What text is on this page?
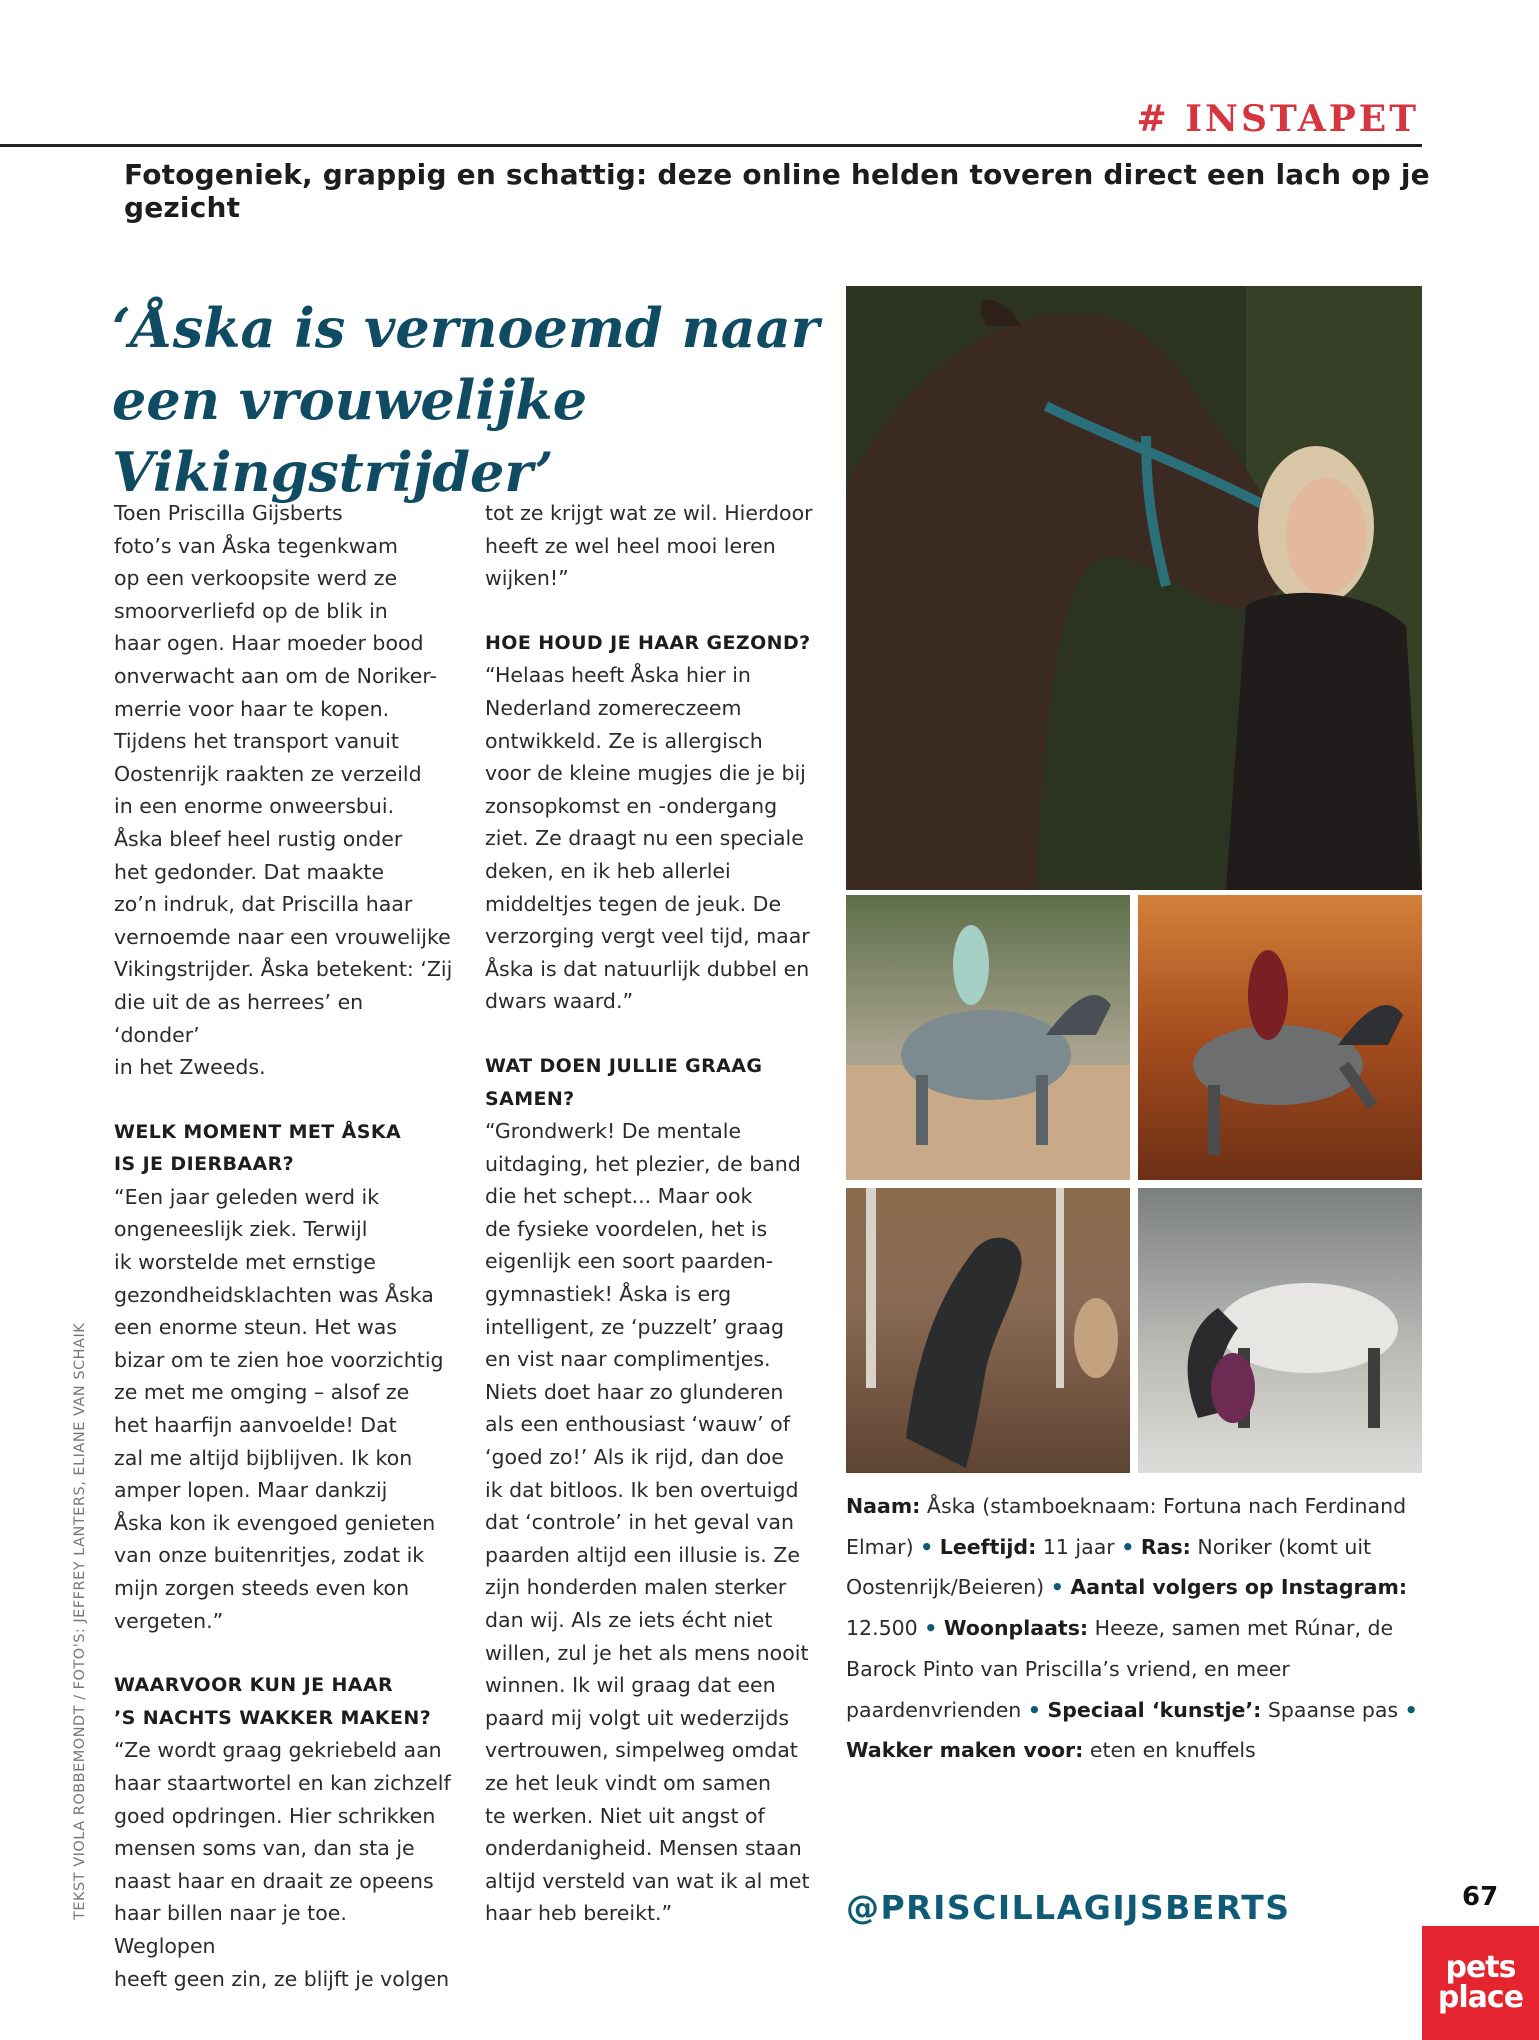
# INSTAPET
Fotogeniek, grappig en schattig: deze online helden toveren direct een lach op je gezicht
‘Åska is vernoemd naar een vrouwelijke Vikingstrijder’
TEKST VIOLA ROBBEMONDT / FOTO'S: JEFFREY LANTERS, ELIANE VAN SCHAIK

Toen Priscilla Gijsberts
foto’s van Åska tegenkwam
op een verkoopsite werd ze
smoorverliefd op de blik in
haar ogen. Haar moeder bood
onverwacht aan om de Noriker-
merrie voor haar te kopen.
Tijdens het transport vanuit
Oostenrijk raakten ze verzeild
in een enorme onweersbui.
Åska bleef heel rustig onder
het gedonder. Dat maakte
zo’n indruk, dat Priscilla haar
vernoemde naar een vrouwelijke
Vikingstrijder. Åska betekent: ‘Zij
die uit de as herrees’ en ‘donder’
in het Zweeds.

WELK MOMENT MET ÅSKA
IS JE DIERBAAR?

“Een jaar geleden werd ik
ongeneeslijk ziek. Terwijl
ik worstelde met ernstige
gezondheidsklachten was Åska
een enorme steun. Het was
bizar om te zien hoe voorzichtig
ze met me omging – alsof ze
het haarfijn aanvoelde! Dat
zal me altijd bijblijven. Ik kon
amper lopen. Maar dankzij
Åska kon ik evengoed genieten
van onze buitenritjes, zodat ik
mijn zorgen steeds even kon
vergeten.”

WAARVOOR KUN JE HAAR
’S NACHTS WAKKER MAKEN?

“Ze wordt graag gekriebeld aan
haar staartwortel en kan zichzelf
goed opdringen. Hier schrikken
mensen soms van, dan sta je
naast haar en draait ze opeens
haar billen naar je toe. Weglopen
heeft geen zin, ze blijft je volgen

tot ze krijgt wat ze wil. Hierdoor
heeft ze wel heel mooi leren
wijken!”

HOE HOUD JE HAAR GEZOND?

“Helaas heeft Åska hier in
Nederland zomereczeem
ontwikkeld. Ze is allergisch
voor de kleine mugjes die je bij
zonsopkomst en -ondergang
ziet. Ze draagt nu een speciale
deken, en ik heb allerlei
middeltjes tegen de jeuk. De
verzorging vergt veel tijd, maar
Åska is dat natuurlijk dubbel en
dwars waard.”

WAT DOEN JULLIE GRAAG
SAMEN?

“Grondwerk! De mentale
uitdaging, het plezier, de band
die het schept... Maar ook
de fysieke voordelen, het is
eigenlijk een soort paarden-
gymnastiek! Åska is erg
intelligent, ze ‘puzzelt’ graag
en vist naar complimentjes.
Niets doet haar zo glunderen
als een enthousiast ‘wauw’ of
‘goed zo!’ Als ik rijd, dan doe
ik dat bitloos. Ik ben overtuigd
dat ‘controle’ in het geval van
paarden altijd een illusie is. Ze
zijn honderden malen sterker
dan wij. Als ze iets écht niet
willen, zul je het als mens nooit
winnen. Ik wil graag dat een
paard mij volgt uit wederzijds
vertrouwen, simpelweg omdat
ze het leuk vindt om samen
te werken. Niet uit angst of
onderdanigheid. Mensen staan
altijd versteld van wat ik al met
haar heb bereikt.”

Naam: Åska (stamboeknaam: Fortuna nach Ferdinand Elmar) • Leeftijd: 11 jaar • Ras: Noriker (komt uit Oostenrijk/Beieren) • Aantal volgers op Instagram: 12.500 • Woonplaats: Heeze, samen met Rúnar, de Barock Pinto van Priscilla’s vriend, en meer paardenvrienden • Speciaal ‘kunstje’: Spaanse pas • Wakker maken voor: eten en knuffels
@PRISCILLAGIJSBERTS	67
pets
place
